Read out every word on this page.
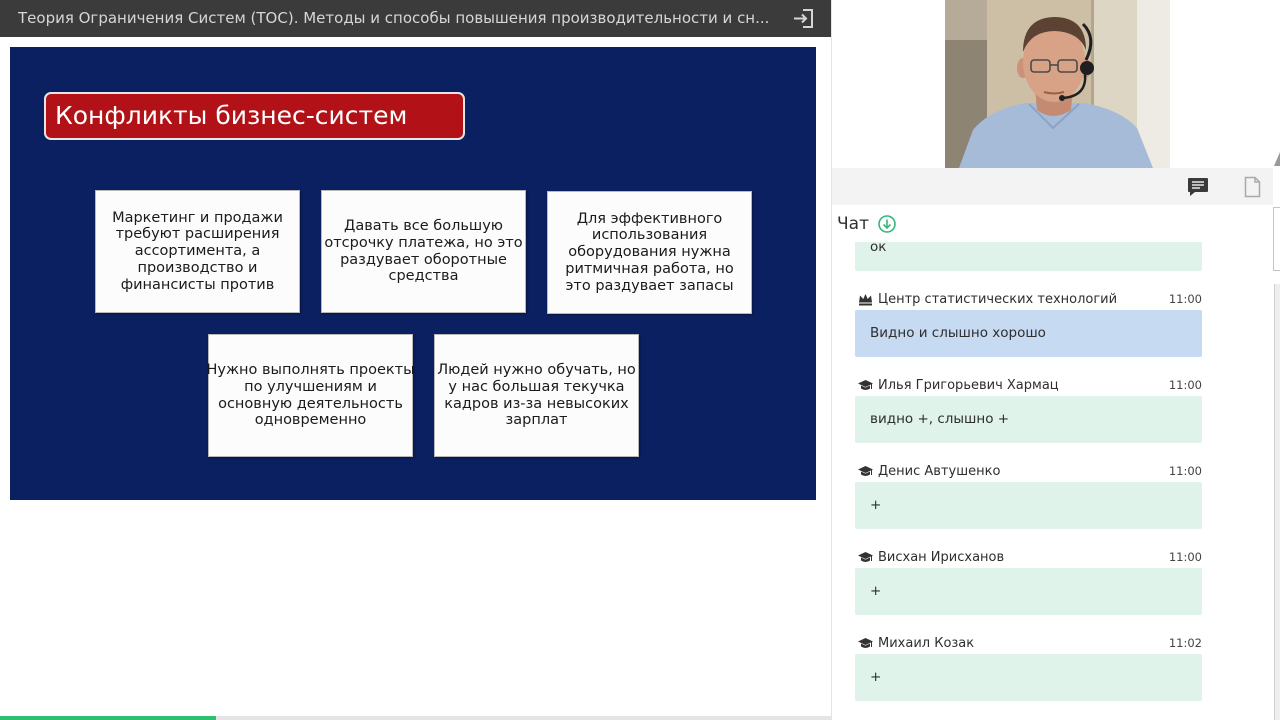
Теория Ограничения Систем (ТОС). Методы и способы повышения производительности и сн...
Конфликты бизнес-систем
Маркетинг и продажи
требуют расширения
ассортимента, а
производство и
финансисты против
Давать все большую
отсрочку платежа, но это
раздувает оборотные
средства
Для эффективного
использования
оборудования нужна
ритмичная работа, но
это раздувает запасы
Нужно выполнять проекты
по улучшениям и
основную деятельность
одновременно
Людей нужно обучать, но
у нас большая текучка
кадров из-за невысоких
зарплат
Чат
ок
Центр статистических технологий	11:00
Видно и слышно хорошо
Илья Григорьевич Хармац	11:00
видно +, слышно +
Денис Автушенко	11:00
+
Висхан Ирисханов	11:00
+
Михаил Козак	11:02
+
